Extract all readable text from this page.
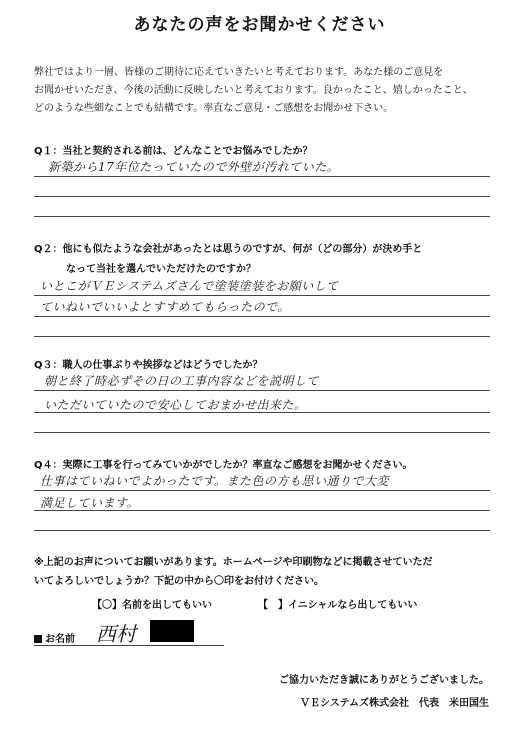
あなたの声をお聞かせください
弊社ではより一層、皆様のご期待に応えていきたいと考えております。あなた様のご意見を
お聞かせいただき、今後の活動に反映したいと考えております。良かったこと、嬉しかったこと、
どのような些細なことでも結構です。率直なご意見・ご感想をお聞かせ下さい。
Q１：当社と契約される前は、どんなことでお悩みでしたか？
新築から17年位たっていたので外壁が汚れていた。
Q２：他にも似たような会社があったとは思うのですが、何が（どの部分）が決め手と
なって当社を選んでいただけたのですか？
いとこがＶＥシステムズさんで塗装塗装をお願いして
ていねいでいいよとすすめてもらったので。
Q３：職人の仕事ぶりや挨拶などはどうでしたか？
朝と終了時必ずその日の工事内容などを説明して
いただいていたので安心しておまかせ出来た。
Q４：実際に工事を行ってみていかがでしたか？率直なご感想をお聞かせください。
仕事はていねいでよかったです。また色の方も思い通りで大変
満足しています。
※上記のお声についてお願いがあります。ホームページや印刷物などに掲載させていただ
いてよろしいでしょうか？下記の中から〇印をお付けください。
【〇】名前を出してもいい	【　】イニシャルなら出してもいい
お名前 西村
ご協力いただき誠にありがとうございました。
ＶＥシステムズ株式会社　代表　米田国生
